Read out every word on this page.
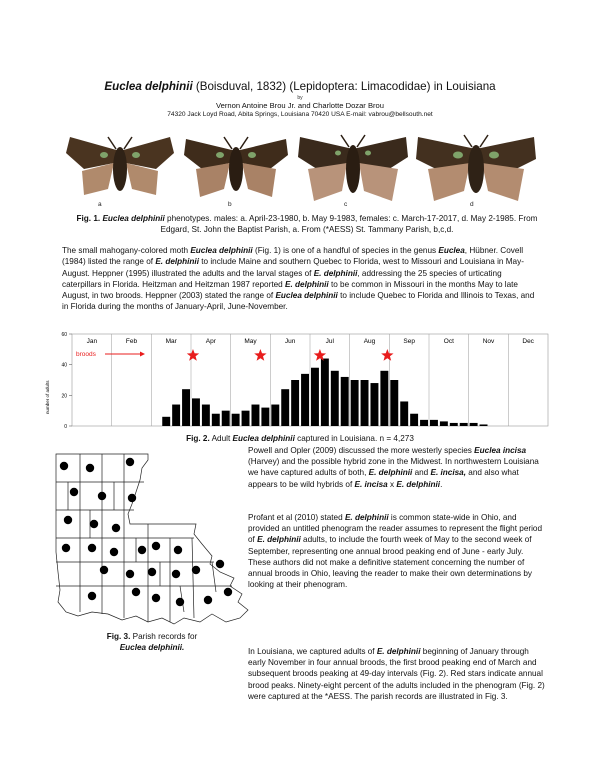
Euclea delphinii (Boisduval, 1832) (Lepidoptera: Limacodidae) in Louisiana
by
Vernon Antoine Brou Jr. and Charlotte Dozar Brou
74320 Jack Loyd Road, Abita Springs, Louisiana 70420 USA E-mail: vabrou@bellsouth.net
a	b	c	d
Fig. 1. Euclea delphinii phenotypes. males: a. April-23-1980, b. May 9-1983, females: c. March-17-2017, d. May 2-1985. From Edgard, St. John the Baptist Parish, a. From (*AESS) St. Tammany Parish, b,c,d.
The small mahogany-colored moth Euclea delphinii (Fig. 1) is one of a handful of species in the genus Euclea, Hübner. Covell (1984) listed the range of E. delphinii to include Maine and southern Quebec to Florida, west to Missouri and Louisiana in May-August. Heppner (1995) illustrated the adults and the larval stages of E. delphinii, addressing the 25 species of urticating caterpillars in Florida. Heitzman and Heitzman 1987 reported E. delphinii to be common in Missouri in the months May to late August, in two broods. Heppner (2003) stated the range of Euclea delphinii to include Quebec to Florida and Illinois to Texas, and in Florida during the months of January-April, June-November.
Jan	Feb	Mar	Apr	May	Jun	Jul	Aug	Sep	Oct	Nov	Dec
0
20
40
60
number of adults
broods
Fig. 2. Adult Euclea delphinii captured in Louisiana. n = 4,273
Fig. 3. Parish records for
Euclea delphinii.
Powell and Opler (2009) discussed the more westerly species Euclea incisa (Harvey) and the possible hybrid zone in the Midwest. In northwestern Louisiana we have captured adults of both, E. delphinii and E. incisa, and also what appears to be wild hybrids of E. incisa x E. delphinii.
Profant et al (2010) stated E. delphinii is common state-wide in Ohio, and provided an untitled phenogram the reader assumes to represent the flight period of E. delphinii adults, to include the fourth week of May to the second week of September, representing one annual brood peaking end of June - early July. These authors did not make a definitive statement concerning the number of annual broods in Ohio, leaving the reader to make their own determinations by looking at their phenogram.
In Louisiana, we captured adults of E. delphinii beginning of January through early November in four annual broods, the first brood peaking end of March and subsequent broods peaking at 49-day intervals (Fig. 2). Red stars indicate annual brood peaks. Ninety-eight percent of the adults included in the phenogram (Fig. 2) were captured at the *AESS. The parish records are illustrated in Fig. 3.
